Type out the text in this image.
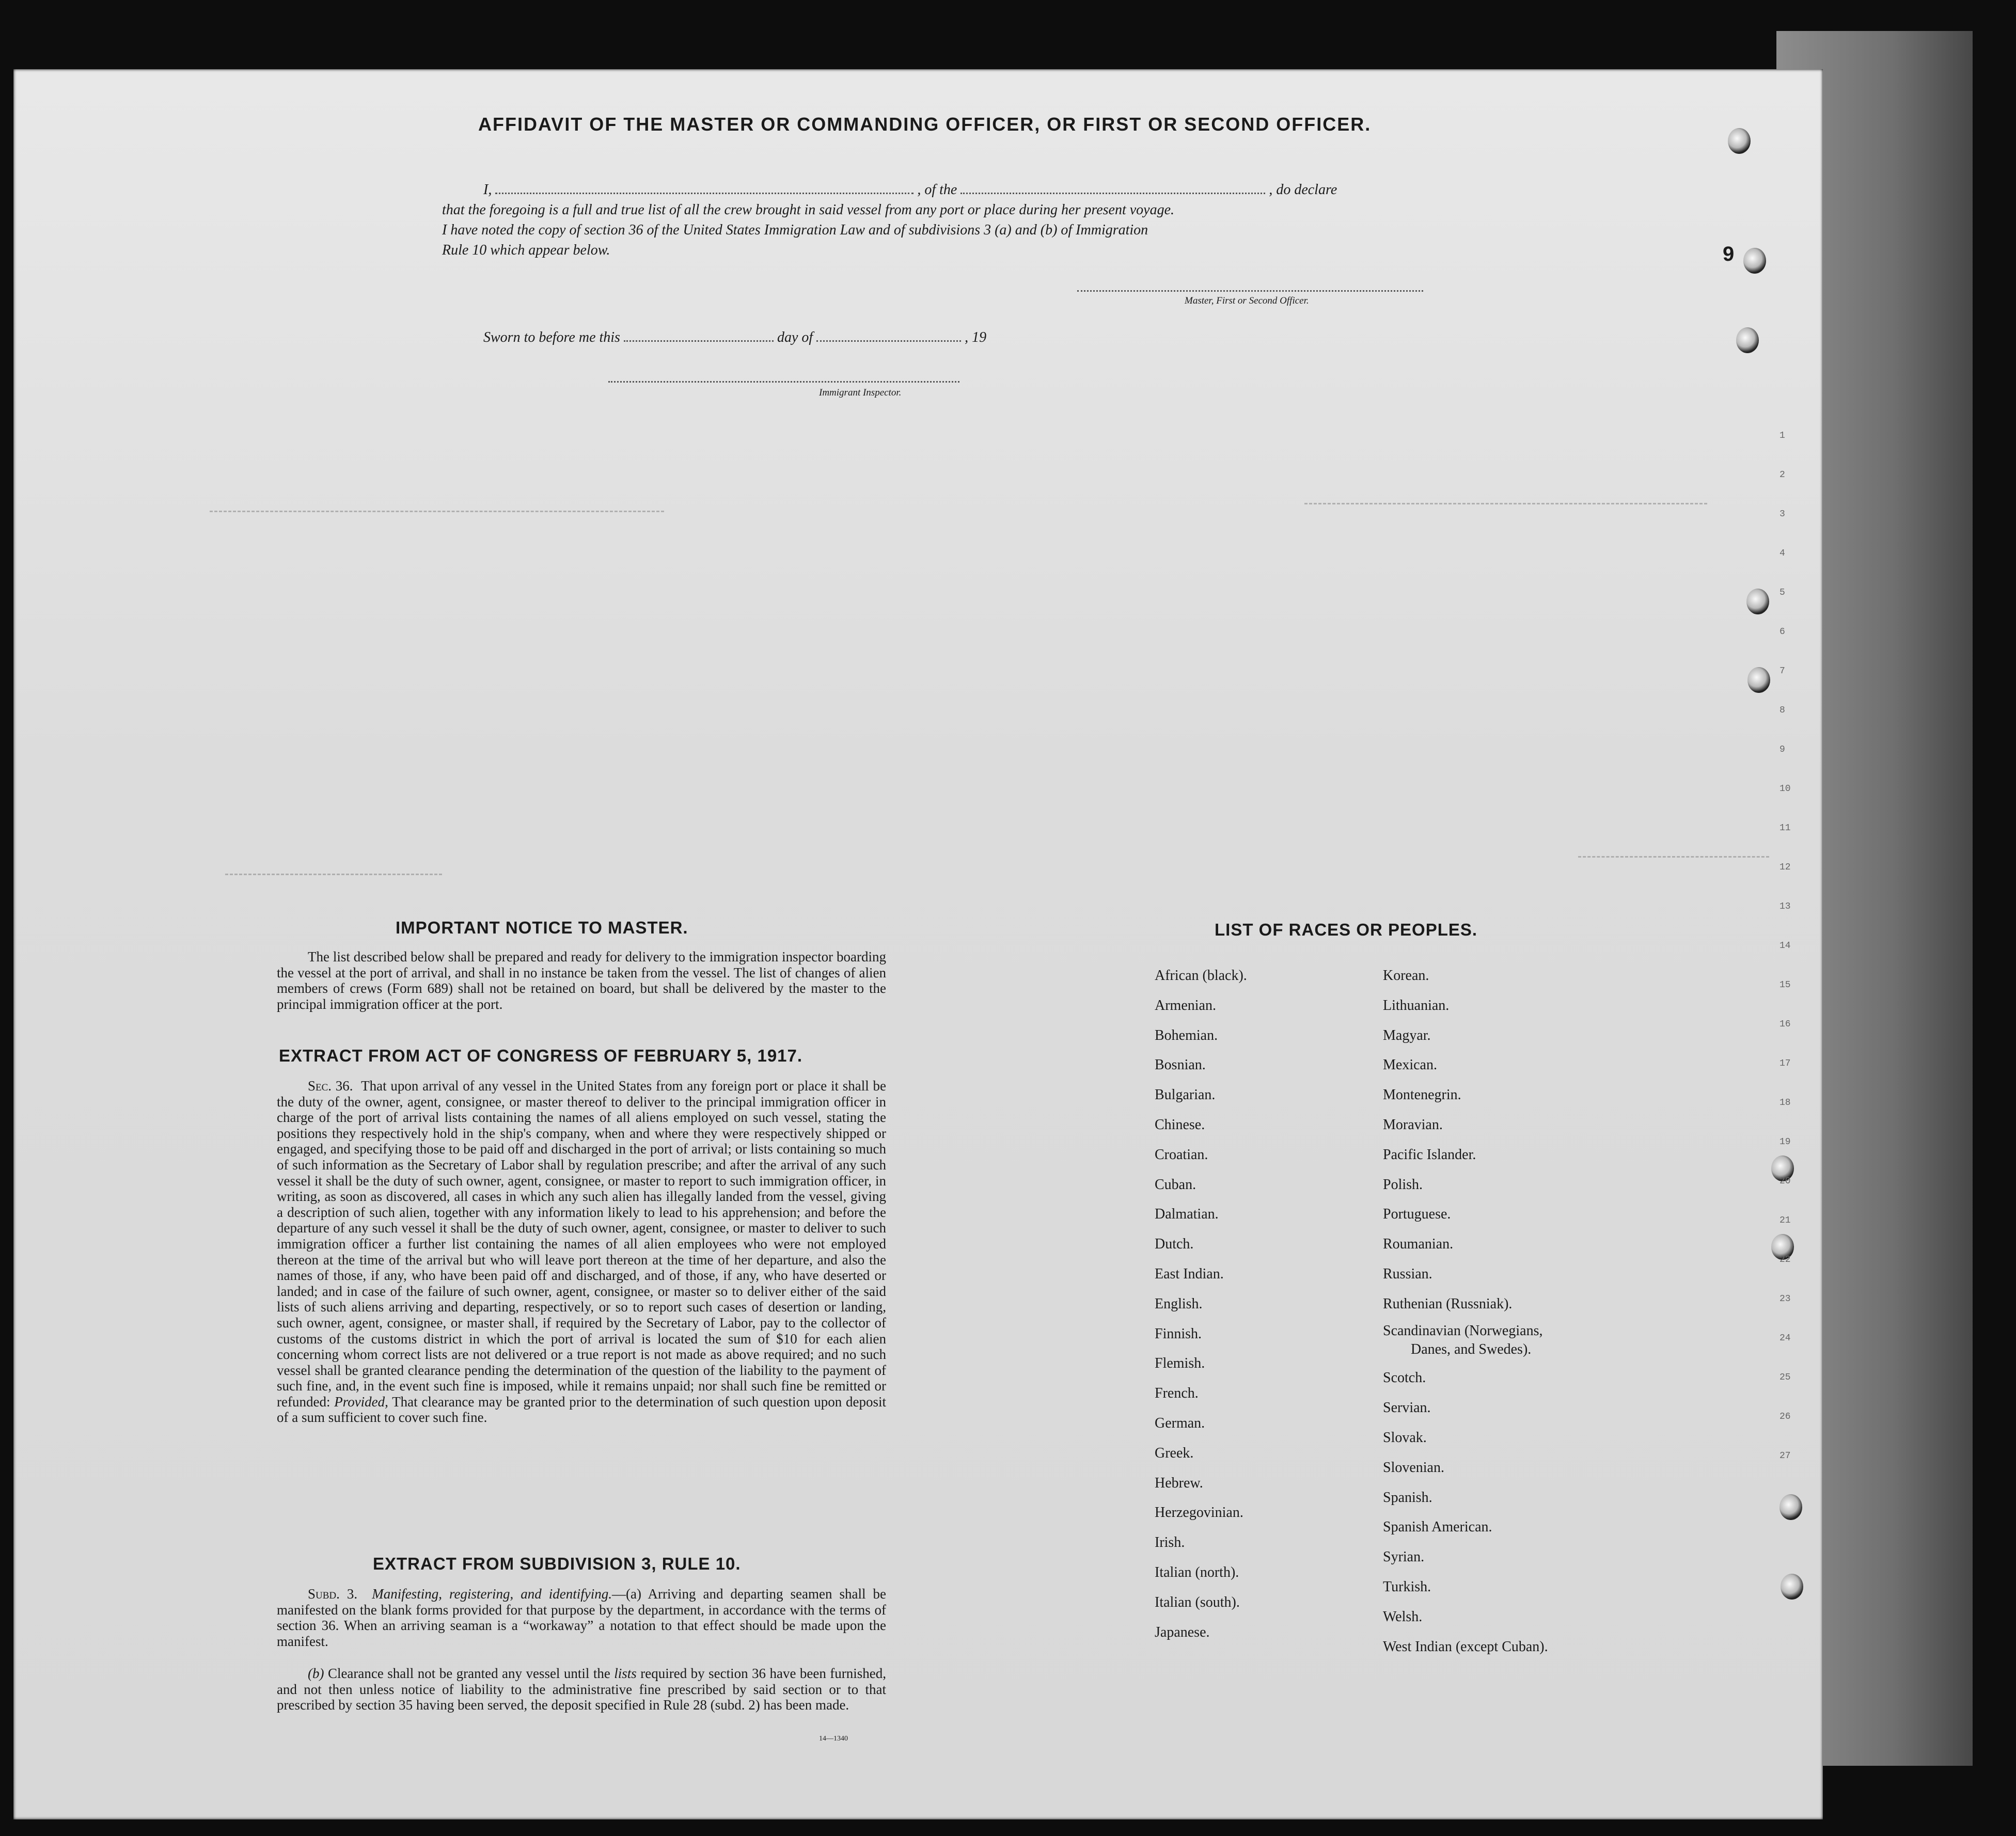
9
1
2
3
4
5
6
7
8
9
10
11
12
13
14
15
16
17
18
19
20
21
22
23
24
25
26
27
AFFIDAVIT OF THE MASTER OR COMMANDING OFFICER, OR FIRST OR SECOND OFFICER.
I,	, of the	, do declare
that the foregoing is a full and true list of all the crew brought in said vessel from any port or place during her present voyage.
I have noted the copy of section 36 of the United States Immigration Law and of subdivisions 3 (a) and (b) of Immigration
Rule 10 which appear below.
Master, First or Second Officer.
Sworn to before me this	day of	, 19
Immigrant Inspector.
IMPORTANT NOTICE TO MASTER.
The list described below shall be prepared and ready for delivery to the immigration inspector boarding the vessel at the port of arrival, and shall in no instance be taken from the vessel. The list of changes of alien members of crews (Form 689) shall not be retained on board, but shall be delivered by the master to the principal immigration officer at the port.
EXTRACT FROM ACT OF CONGRESS OF FEBRUARY 5, 1917.
Sec. 36. That upon arrival of any vessel in the United States from any foreign port or place it shall be the duty of the owner, agent, consignee, or master thereof to deliver to the principal immigration officer in charge of the port of arrival lists containing the names of all aliens employed on such vessel, stating the positions they respectively hold in the ship's company, when and where they were respectively shipped or engaged, and specifying those to be paid off and discharged in the port of arrival; or lists containing so much of such information as the Secretary of Labor shall by regulation prescribe; and after the arrival of any such vessel it shall be the duty of such owner, agent, consignee, or master to report to such immigration officer, in writing, as soon as discovered, all cases in which any such alien has illegally landed from the vessel, giving a description of such alien, together with any information likely to lead to his apprehension; and before the departure of any such vessel it shall be the duty of such owner, agent, consignee, or master to deliver to such immigration officer a further list containing the names of all alien employees who were not employed thereon at the time of the arrival but who will leave port thereon at the time of her departure, and also the names of those, if any, who have been paid off and discharged, and of those, if any, who have deserted or landed; and in case of the failure of such owner, agent, consignee, or master so to deliver either of the said lists of such aliens arriving and departing, respectively, or so to report such cases of desertion or landing, such owner, agent, consignee, or master shall, if required by the Secretary of Labor, pay to the collector of customs of the customs district in which the port of arrival is located the sum of $10 for each alien concerning whom correct lists are not delivered or a true report is not made as above required; and no such vessel shall be granted clearance pending the determination of the question of the liability to the payment of such fine, and, in the event such fine is imposed, while it remains unpaid; nor shall such fine be remitted or refunded: Provided, That clearance may be granted prior to the determination of such question upon deposit of a sum sufficient to cover such fine.
EXTRACT FROM SUBDIVISION 3, RULE 10.
Subd. 3. Manifesting, registering, and identifying.—(a) Arriving and departing seamen shall be manifested on the blank forms provided for that purpose by the department, in accordance with the terms of section 36. When an arriving seaman is a “workaway” a notation to that effect should be made upon the manifest.
(b) Clearance shall not be granted any vessel until the lists required by section 36 have been furnished, and not then unless notice of liability to the administrative fine prescribed by said section or to that prescribed by section 35 having been served, the deposit specified in Rule 28 (subd. 2) has been made.
14—1340
LIST OF RACES OR PEOPLES.
African (black).
Armenian.
Bohemian.
Bosnian.
Bulgarian.
Chinese.
Croatian.
Cuban.
Dalmatian.
Dutch.
East Indian.
English.
Finnish.
Flemish.
French.
German.
Greek.
Hebrew.
Herzegovinian.
Irish.
Italian (north).
Italian (south).
Japanese.
Korean.
Lithuanian.
Magyar.
Mexican.
Montenegrin.
Moravian.
Pacific Islander.
Polish.
Portuguese.
Roumanian.
Russian.
Ruthenian (Russniak).
Scandinavian (Norwegians,
Scotch.
Servian.
Slovak.
Slovenian.
Spanish.
Spanish American.
Syrian.
Turkish.
Welsh.
West Indian (except Cuban).
Danes, and Swedes).
